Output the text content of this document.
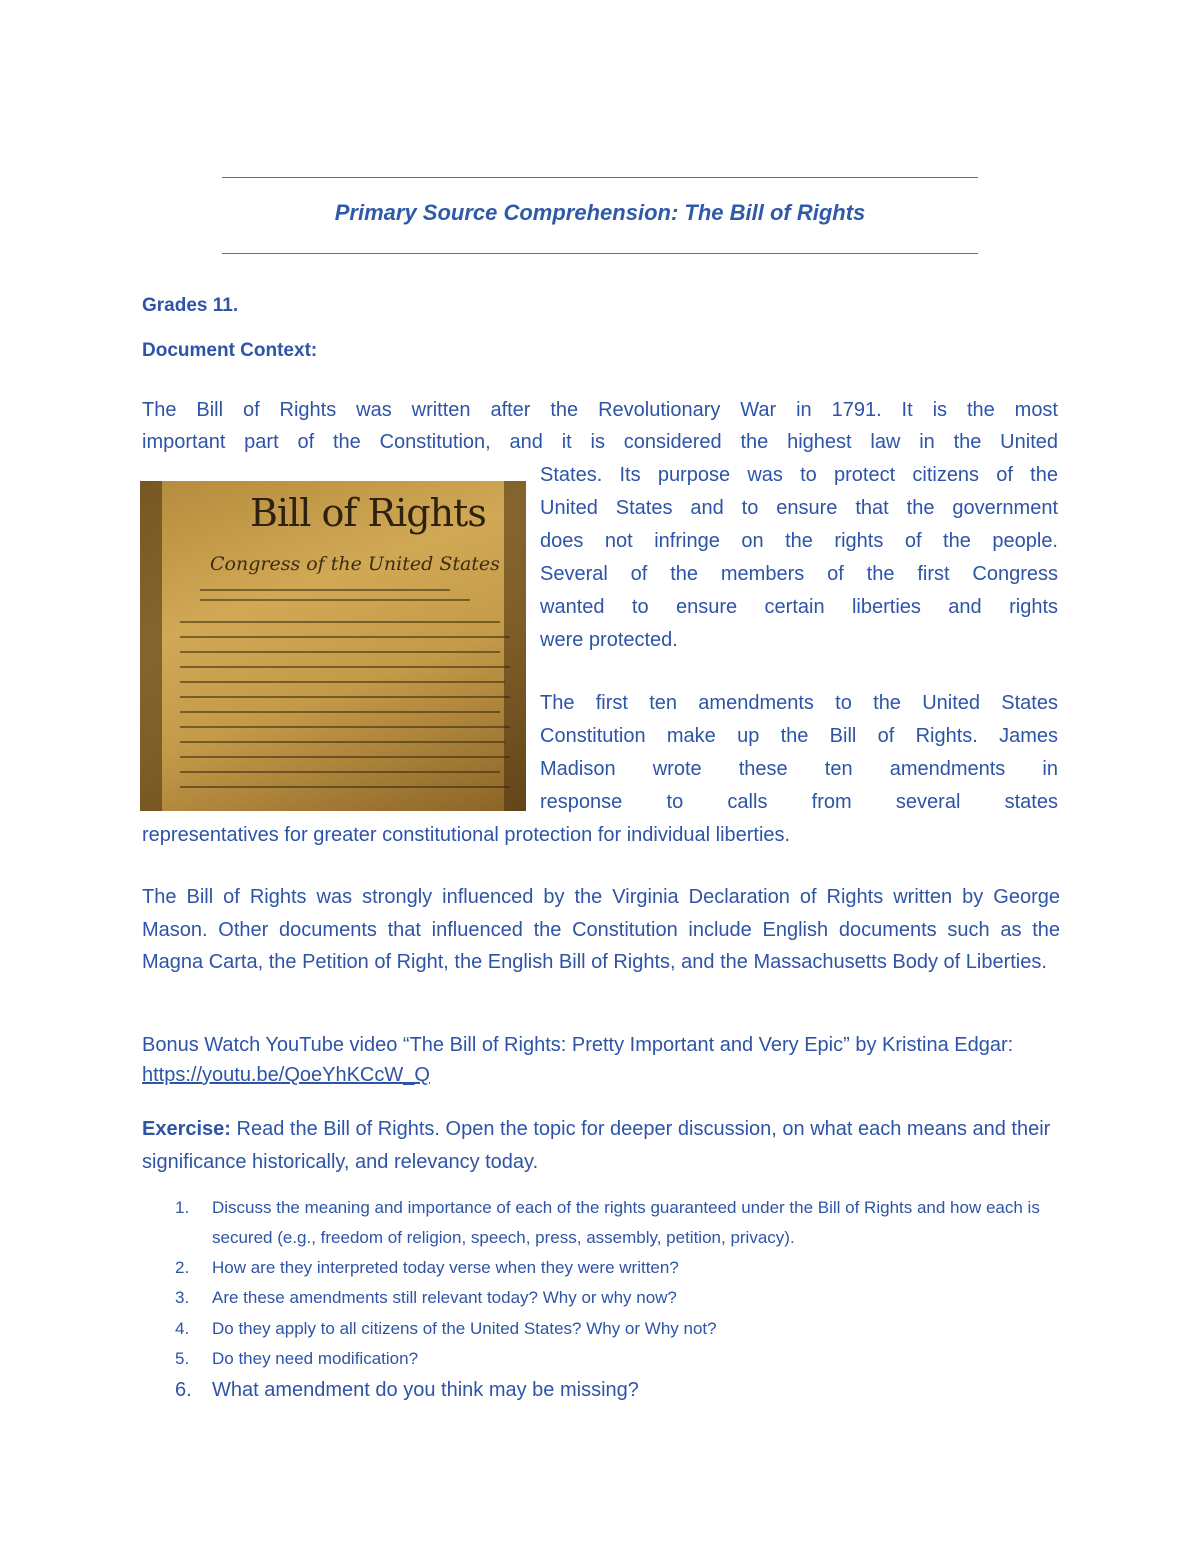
Primary Source Comprehension: The Bill of Rights
Grades 11.
Document Context:
The Bill of Rights was written after the Revolutionary War in 1791. It is the most
important part of the Constitution, and it is considered the highest law in the United
Bill of Rights
Congress of the United States
States. Its purpose was to protect citizens of the
United States and to ensure that the government
does not infringe on the rights of the people.
Several of the members of the first Congress
wanted to ensure certain liberties and rights
were protected.
The first ten amendments to the United States
Constitution make up the Bill of Rights. James
Madison wrote these ten amendments in
response to calls from several states
representatives for greater constitutional protection for individual liberties.
The Bill of Rights was strongly influenced by the Virginia Declaration of Rights written by George Mason. Other documents that influenced the Constitution include English documents such as the Magna Carta, the Petition of Right, the English Bill of Rights, and the Massachusetts Body of Liberties.
Bonus Watch YouTube video “The Bill of Rights: Pretty Important and Very Epic” by Kristina Edgar:
https://youtu.be/QoeYhKCcW_Q
Exercise: Read the Bill of Rights. Open the topic for deeper discussion, on what each means and their significance historically, and relevancy today.
1.	Discuss the meaning and importance of each of the rights guaranteed under the Bill of Rights and how each is secured (e.g., freedom of religion, speech, press, assembly, petition, privacy).
2.	How are they interpreted today verse when they were written?
3.	Are these amendments still relevant today? Why or why now?
4.	Do they apply to all citizens of the United States? Why or Why not?
5.	Do they need modification?
6.	What amendment do you think may be missing?
